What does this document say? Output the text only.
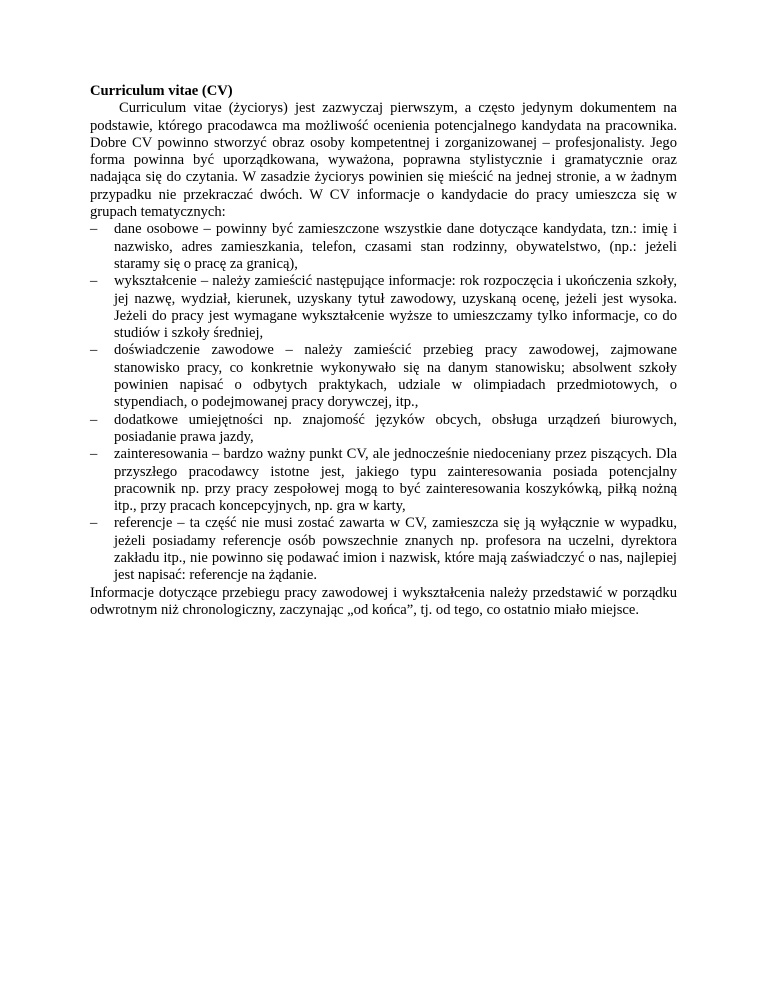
Curriculum vitae (CV)

Curriculum vitae (życiorys) jest zazwyczaj pierwszym, a często jedynym dokumentem na podstawie, którego pracodawca ma możliwość ocenienia potencjalnego kandydata na pracownika. Dobre CV powinno stworzyć obraz osoby kompetentnej i zorganizowanej – profesjonalisty. Jego forma powinna być uporządkowana, wyważona, poprawna stylistycznie i gramatycznie oraz nadająca się do czytania. W zasadzie życiorys powinien się mieścić na jednej stronie, a w żadnym przypadku nie przekraczać dwóch. W CV informacje o kandydacie do pracy umieszcza się w grupach tematycznych:

– dane osobowe – powinny być zamieszczone wszystkie dane dotyczące kandydata, tzn.: imię i nazwisko, adres zamieszkania, telefon, czasami stan rodzinny, obywatelstwo, (np.: jeżeli staramy się o pracę za granicą),
– wykształcenie – należy zamieścić następujące informacje: rok rozpoczęcia i ukończenia szkoły, jej nazwę, wydział, kierunek, uzyskany tytuł zawodowy, uzyskaną ocenę, jeżeli jest wysoka. Jeżeli do pracy jest wymagane wykształcenie wyższe to umieszczamy tylko informacje, co do studiów i szkoły średniej,
– doświadczenie zawodowe – należy zamieścić przebieg pracy zawodowej, zajmowane stanowisko pracy, co konkretnie wykonywało się na danym stanowisku; absolwent szkoły powinien napisać o odbytych praktykach, udziale w olimpiadach przedmiotowych, o stypendiach, o podejmowanej pracy dorywczej, itp.,
– dodatkowe umiejętności np. znajomość języków obcych, obsługa urządzeń biurowych, posiadanie prawa jazdy,
– zainteresowania – bardzo ważny punkt CV, ale jednocześnie niedoceniany przez piszących. Dla przyszłego pracodawcy istotne jest, jakiego typu zainteresowania posiada potencjalny pracownik np. przy pracy zespołowej mogą to być zainteresowania koszykówką, piłką nożną itp., przy pracach koncepcyjnych, np. gra w karty,
– referencje – ta część nie musi zostać zawarta w CV, zamieszcza się ją wyłącznie w wypadku, jeżeli posiadamy referencje osób powszechnie znanych np. profesora na uczelni, dyrektora zakładu itp., nie powinno się podawać imion i nazwisk, które mają zaświadczyć o nas, najlepiej jest napisać: referencje na żądanie.

Informacje dotyczące przebiegu pracy zawodowej i wykształcenia należy przedstawić w porządku odwrotnym niż chronologiczny, zaczynając „od końca”, tj. od tego, co ostatnio miało miejsce.
